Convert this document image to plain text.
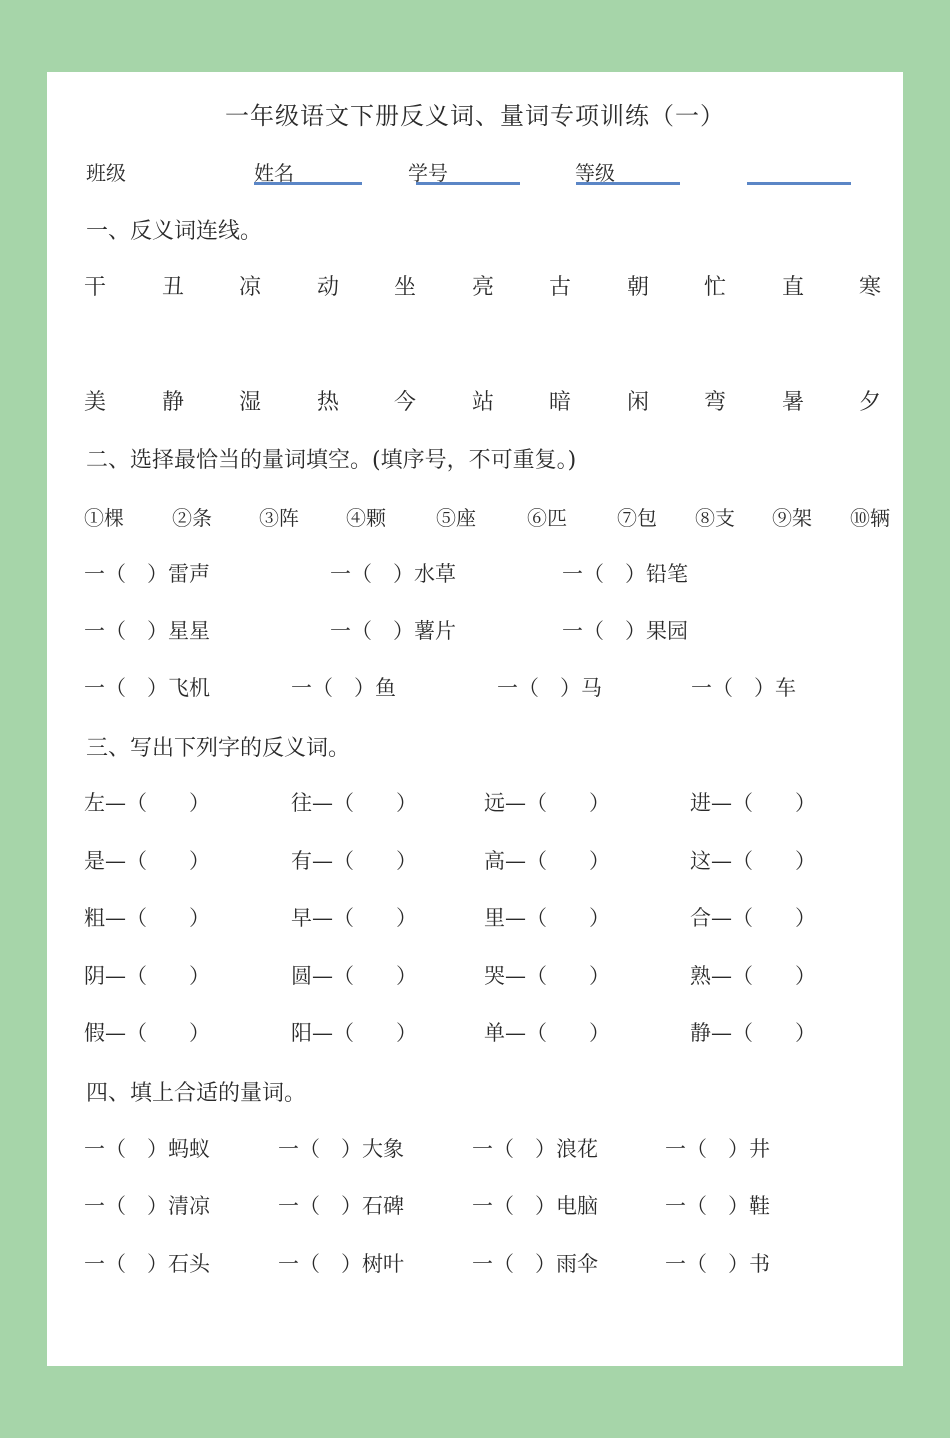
一年级语文下册反义词、量词专项训练（一）
班级	姓名	学号	等级
一、反义词连线。
干	丑 凉	动 坐	亮 古	朝 忙	直 寒
美	静 湿	热 今	站 暗	闲 弯	暑 夕
二、选择最恰当的量词填空。(填序号，不可重复。)
①棵 ②条 ③阵 ④颗	⑤座	⑥匹	⑦包 ⑧支 ⑨架 ⑩辆
一（　）雷声	一（　）水草	一（　）铅笔
一（　）星星	一（　）薯片	一（　）果园
一（　）飞机	一（　）鱼	一（　）马	一（　）车
三、写出下列字的反义词。
左—（　　）	往—（　　）	远—（　　）	进—（　　）
是—（　　）	有—（　　）	高—（　　）	这—（　　）
粗—（　　）	早—（　　）	里—（　　）	合—（　　）
阴—（　　）	圆—（　　）	哭—（　　）	熟—（　　）
假—（　　）	阳—（　　）	单—（　　）	静—（　　）
四、填上合适的量词。
一（　）蚂蚁	一（　）大象	一（　）浪花	一（　）井
一（　）清凉	一（　）石碑	一（　）电脑	一（　）鞋
一（　）石头	一（　）树叶	一（　）雨伞	一（　）书
